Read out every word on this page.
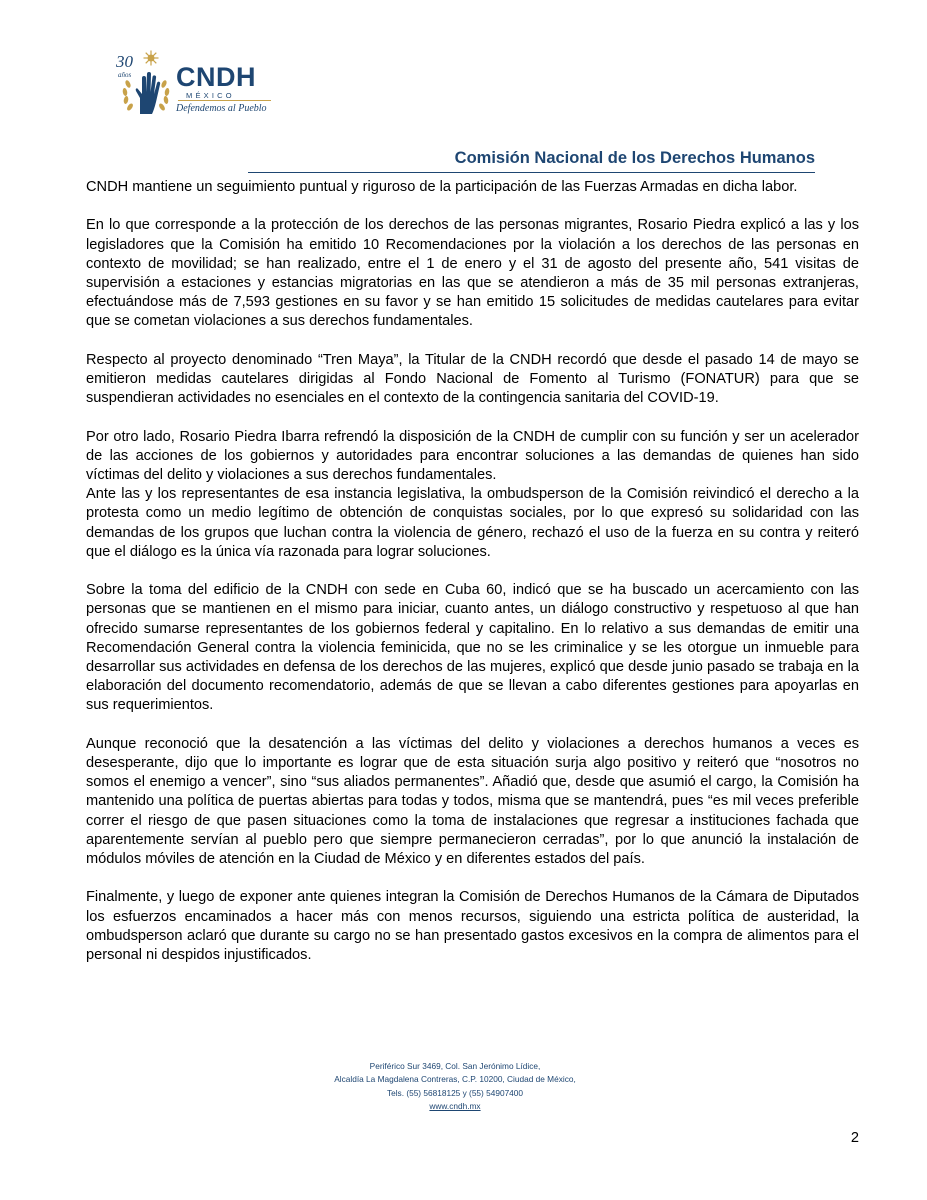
30
años CNDH
MÉXICO
Defendemos al Pueblo
Comisión Nacional de los Derechos Humanos

CNDH mantiene un seguimiento puntual y riguroso de la participación de las Fuerzas Armadas en dicha labor.

En lo que corresponde a la protección de los derechos de las personas migrantes, Rosario Piedra explicó a las y los legisladores que la Comisión ha emitido 10 Recomendaciones por la violación a los derechos de las personas en contexto de movilidad; se han realizado, entre el 1 de enero y el 31 de agosto del presente año, 541 visitas de supervisión a estaciones y estancias migratorias en las que se atendieron a más de 35 mil personas extranjeras, efectuándose más de 7,593 gestiones en su favor y se han emitido 15 solicitudes de medidas cautelares para evitar que se cometan violaciones a sus derechos fundamentales.

Respecto al proyecto denominado “Tren Maya”, la Titular de la CNDH recordó que desde el pasado 14 de mayo se emitieron medidas cautelares dirigidas al Fondo Nacional de Fomento al Turismo (FONATUR) para que se suspendieran actividades no esenciales en el contexto de la contingencia sanitaria del COVID-19.

Por otro lado, Rosario Piedra Ibarra refrendó la disposición de la CNDH de cumplir con su función y ser un acelerador de las acciones de los gobiernos y autoridades para encontrar soluciones a las demandas de quienes han sido víctimas del delito y violaciones a sus derechos fundamentales.

Ante las y los representantes de esa instancia legislativa, la ombudsperson de la Comisión reivindicó el derecho a la protesta como un medio legítimo de obtención de conquistas sociales, por lo que expresó su solidaridad con las demandas de los grupos que luchan contra la violencia de género, rechazó el uso de la fuerza en su contra y reiteró que el diálogo es la única vía razonada para lograr soluciones.

Sobre la toma del edificio de la CNDH con sede en Cuba 60, indicó que se ha buscado un acercamiento con las personas que se mantienen en el mismo para iniciar, cuanto antes, un diálogo constructivo y respetuoso al que han ofrecido sumarse representantes de los gobiernos federal y capitalino. En lo relativo a sus demandas de emitir una Recomendación General contra la violencia feminicida, que no se les criminalice y se les otorgue un inmueble para desarrollar sus actividades en defensa de los derechos de las mujeres, explicó que desde junio pasado se trabaja en la elaboración del documento recomendatorio, además de que se llevan a cabo diferentes gestiones para apoyarlas en sus requerimientos.

Aunque reconoció que la desatención a las víctimas del delito y violaciones a derechos humanos a veces es desesperante, dijo que lo importante es lograr que de esta situación surja algo positivo y reiteró que “nosotros no somos el enemigo a vencer”, sino “sus aliados permanentes”. Añadió que, desde que asumió el cargo, la Comisión ha mantenido una política de puertas abiertas para todas y todos, misma que se mantendrá, pues “es mil veces preferible correr el riesgo de que pasen situaciones como la toma de instalaciones que regresar a instituciones fachada que aparentemente servían al pueblo pero que siempre permanecieron cerradas”, por lo que anunció la instalación de módulos móviles de atención en la Ciudad de México y en diferentes estados del país.

Finalmente, y luego de exponer ante quienes integran la Comisión de Derechos Humanos de la Cámara de Diputados los esfuerzos encaminados a hacer más con menos recursos, siguiendo una estricta política de austeridad, la ombudsperson aclaró que durante su cargo no se han presentado gastos excesivos en la compra de alimentos para el personal ni despidos injustificados.

Periférico Sur 3469, Col. San Jerónimo Lídice,
Alcaldía La Magdalena Contreras, C.P. 10200, Ciudad de México,
Tels. (55) 56818125 y (55) 54907400
www.cndh.mx
2
